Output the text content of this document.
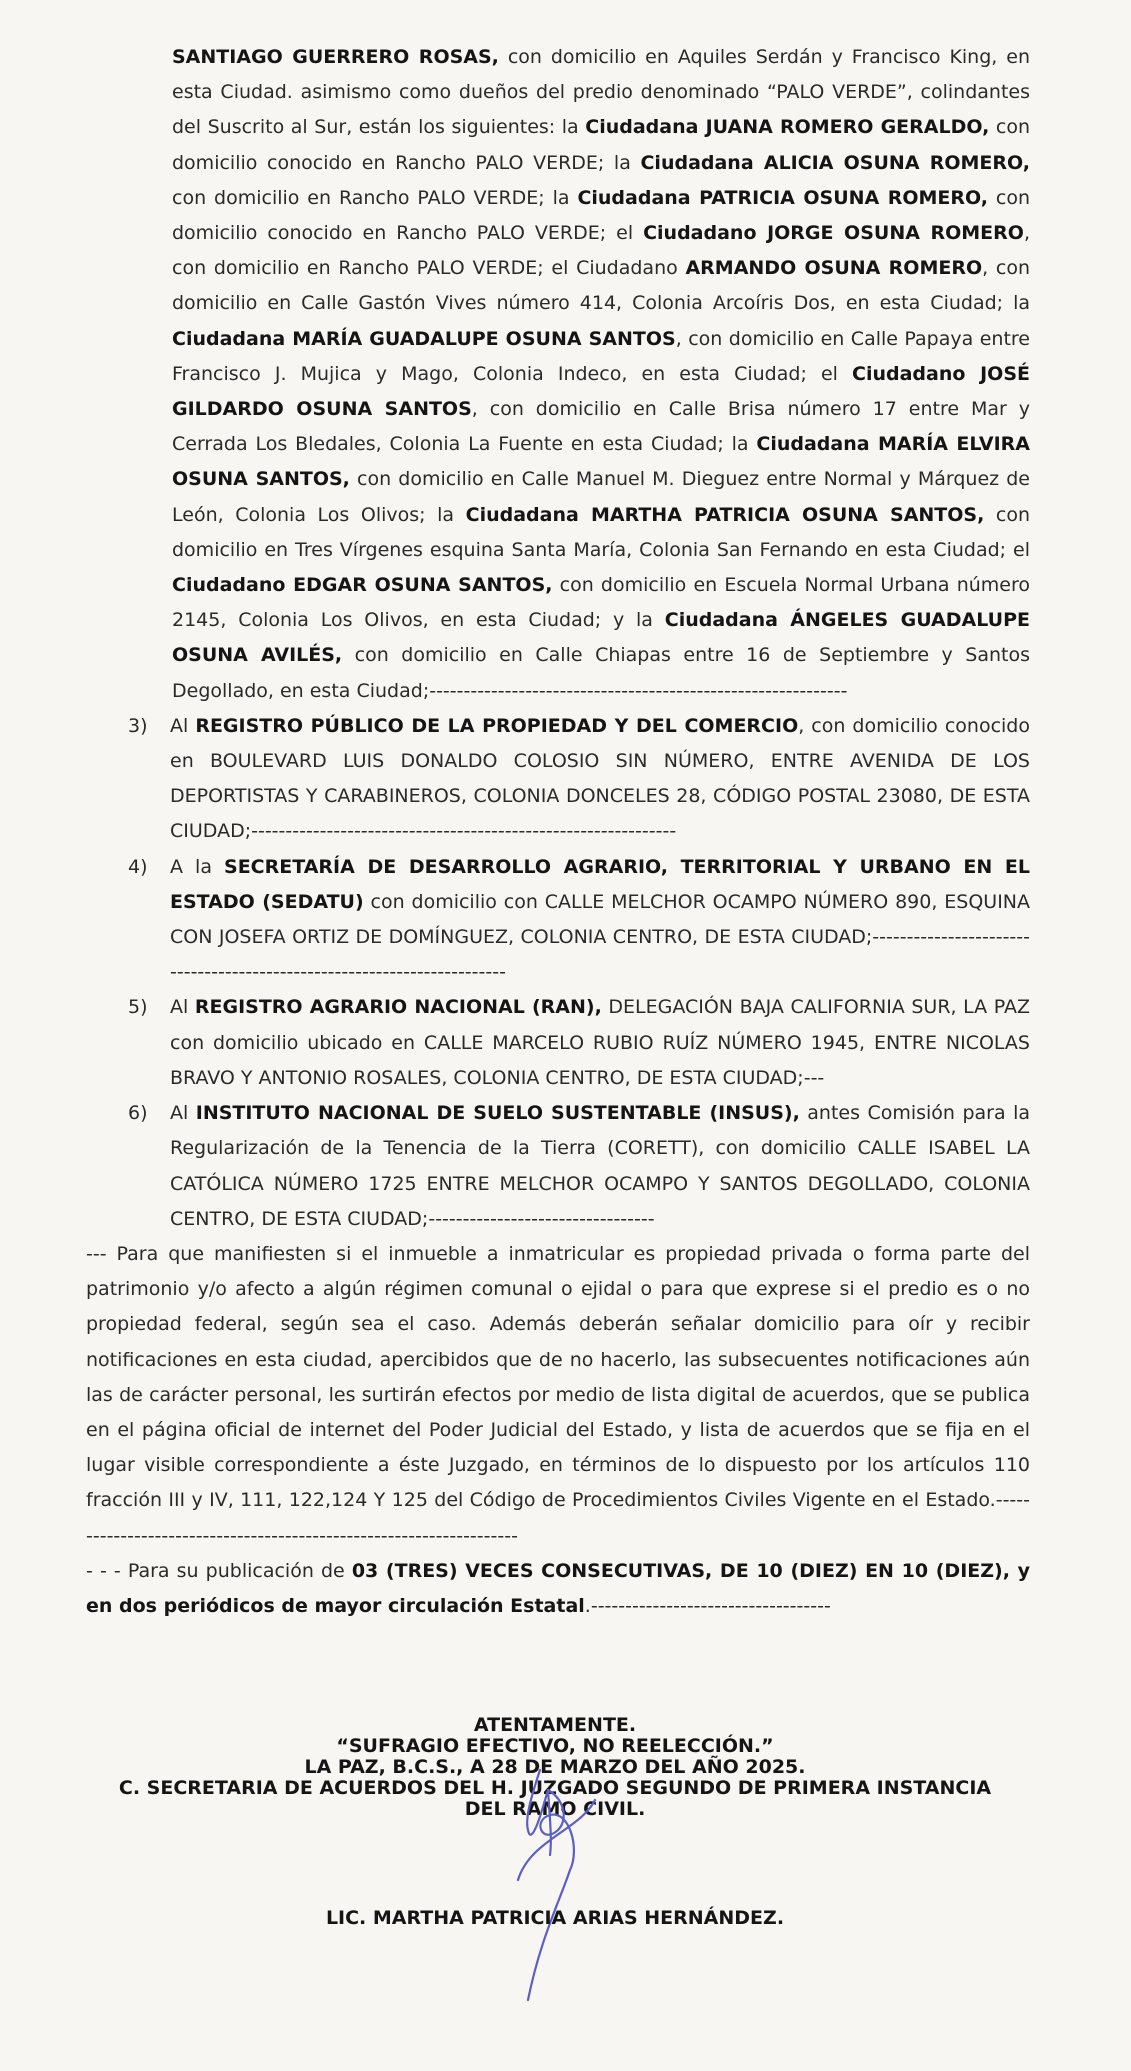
SANTIAGO GUERRERO ROSAS, con domicilio en Aquiles Serdán y Francisco King, en esta Ciudad. asimismo como dueños del predio denominado “PALO VERDE”, colindantes del Suscrito al Sur, están los siguientes: la Ciudadana JUANA ROMERO GERALDO, con domicilio conocido en Rancho PALO VERDE; la Ciudadana ALICIA OSUNA ROMERO, con domicilio en Rancho PALO VERDE; la Ciudadana PATRICIA OSUNA ROMERO, con domicilio conocido en Rancho PALO VERDE; el Ciudadano JORGE OSUNA ROMERO, con domicilio en Rancho PALO VERDE; el Ciudadano ARMANDO OSUNA ROMERO, con domicilio en Calle Gastón Vives número 414, Colonia Arcoíris Dos, en esta Ciudad; la Ciudadana MARÍA GUADALUPE OSUNA SANTOS, con domicilio en Calle Papaya entre Francisco J. Mujica y Mago, Colonia Indeco, en esta Ciudad; el Ciudadano JOSÉ GILDARDO OSUNA SANTOS, con domicilio en Calle Brisa número 17 entre Mar y Cerrada Los Bledales, Colonia La Fuente en esta Ciudad; la Ciudadana MARÍA ELVIRA OSUNA SANTOS, con domicilio en Calle Manuel M. Dieguez entre Normal y Márquez de León, Colonia Los Olivos; la Ciudadana MARTHA PATRICIA OSUNA SANTOS, con domicilio en Tres Vírgenes esquina Santa María, Colonia San Fernando en esta Ciudad; el Ciudadano EDGAR OSUNA SANTOS, con domicilio en Escuela Normal Urbana número 2145, Colonia Los Olivos, en esta Ciudad; y la Ciudadana ÁNGELES GUADALUPE OSUNA AVILÉS, con domicilio en Calle Chiapas entre 16 de Septiembre y Santos Degollado, en esta Ciudad;-------------------------------------------------------------

3) Al REGISTRO PÚBLICO DE LA PROPIEDAD Y DEL COMERCIO, con domicilio conocido en BOULEVARD LUIS DONALDO COLOSIO SIN NÚMERO, ENTRE AVENIDA DE LOS DEPORTISTAS Y CARABINEROS, COLONIA DONCELES 28, CÓDIGO POSTAL 23080, DE ESTA CIUDAD;--------------------------------------------------------------
4) A la SECRETARÍA DE DESARROLLO AGRARIO, TERRITORIAL Y URBANO EN EL ESTADO (SEDATU) con domicilio con CALLE MELCHOR OCAMPO NÚMERO 890, ESQUINA CON JOSEFA ORTIZ DE DOMÍNGUEZ, COLONIA CENTRO, DE ESTA CIUDAD;------------------------------------------------------------------------
5) Al REGISTRO AGRARIO NACIONAL (RAN), DELEGACIÓN BAJA CALIFORNIA SUR, LA PAZ con domicilio ubicado en CALLE MARCELO RUBIO RUÍZ NÚMERO 1945, ENTRE NICOLAS BRAVO Y ANTONIO ROSALES, COLONIA CENTRO, DE ESTA CIUDAD;---
6) Al INSTITUTO NACIONAL DE SUELO SUSTENTABLE (INSUS), antes Comisión para la Regularización de la Tenencia de la Tierra (CORETT), con domicilio CALLE ISABEL LA CATÓLICA NÚMERO 1725 ENTRE MELCHOR OCAMPO Y SANTOS DEGOLLADO, COLONIA CENTRO, DE ESTA CIUDAD;---------------------------------

--- Para que manifiesten si el inmueble a inmatricular es propiedad privada o forma parte del patrimonio y/o afecto a algún régimen comunal o ejidal o para que exprese si el predio es o no propiedad federal, según sea el caso. Además deberán señalar domicilio para oír y recibir notificaciones en esta ciudad, apercibidos que de no hacerlo, las subsecuentes notificaciones aún las de carácter personal, les surtirán efectos por medio de lista digital de acuerdos, que se publica en el página oficial de internet del Poder Judicial del Estado, y lista de acuerdos que se fija en el lugar visible correspondiente a éste Juzgado, en términos de lo dispuesto por los artículos 110 fracción III y IV, 111, 122,124 Y 125 del Código de Procedimientos Civiles Vigente en el Estado.--------------------------------------------------------------------

- - - Para su publicación de 03 (TRES) VECES CONSECUTIVAS, DE 10 (DIEZ) EN 10 (DIEZ), y en dos periódicos de mayor circulación Estatal.-----------------------------------

ATENTAMENTE.
“SUFRAGIO EFECTIVO, NO REELECCIÓN.”
LA PAZ, B.C.S., A 28 DE MARZO DEL AÑO 2025.
C. SECRETARIA DE ACUERDOS DEL H. JUZGADO SEGUNDO DE PRIMERA INSTANCIA
DEL RAMO CIVIL.
LIC. MARTHA PATRICIA ARIAS HERNÁNDEZ.
